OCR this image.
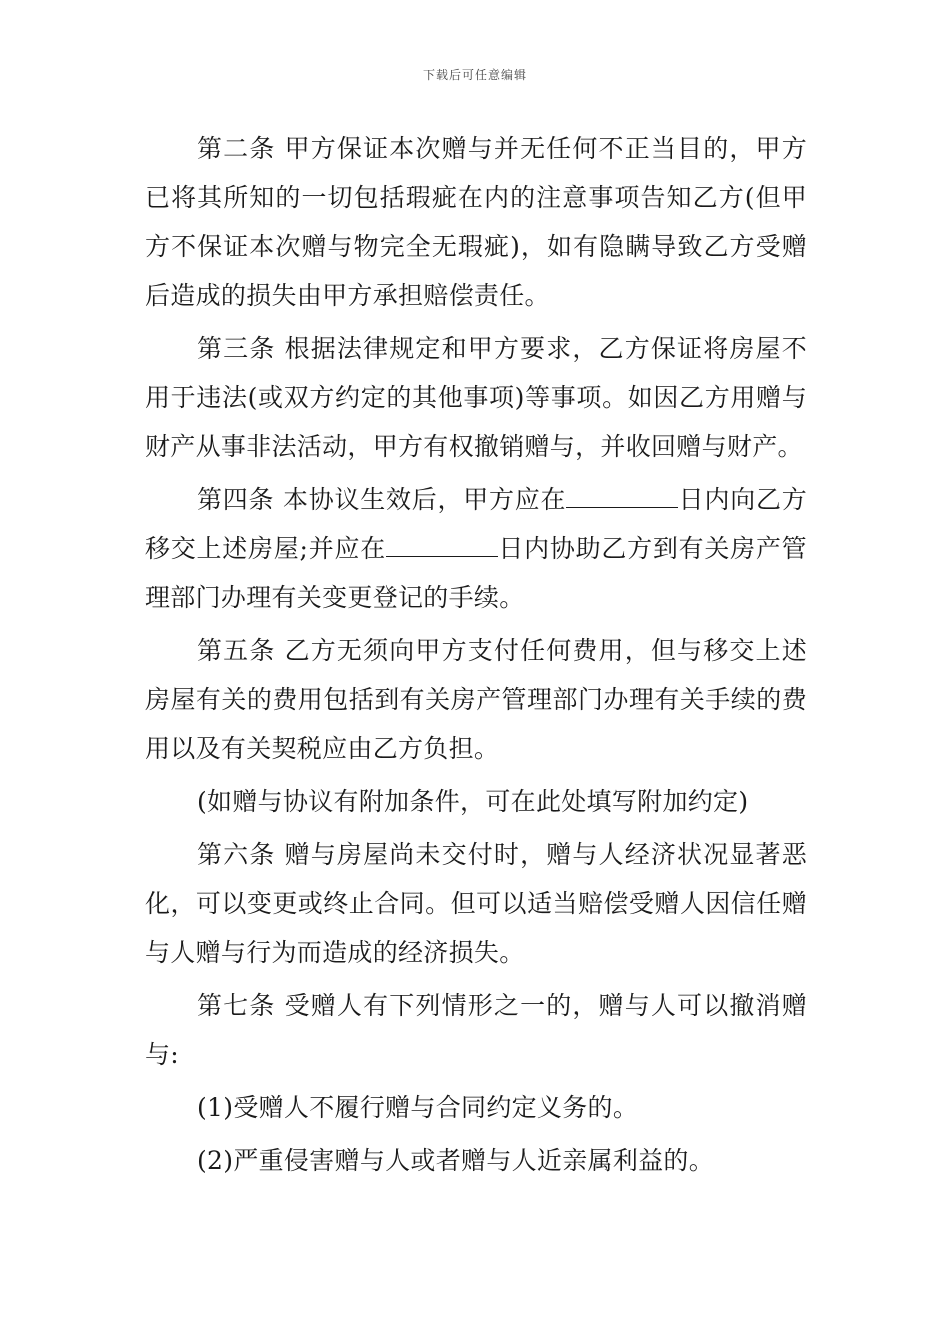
下载后可任意编辑

第二条 甲方保证本次赠与并无任何不正当目的，甲方已将其所知的一切包括瑕疵在内的注意事项告知乙方(但甲方不保证本次赠与物完全无瑕疵)，如有隐瞒导致乙方受赠后造成的损失由甲方承担赔偿责任。

第三条 根据法律规定和甲方要求，乙方保证将房屋不用于违法(或双方约定的其他事项)等事项。如因乙方用赠与财产从事非法活动，甲方有权撤销赠与，并收回赠与财产。

第四条 本协议生效后，甲方应在	日内向乙方移交上述房屋;并应在	日内协助乙方到有关房产管理部门办理有关变更登记的手续。

第五条 乙方无须向甲方支付任何费用，但与移交上述房屋有关的费用包括到有关房产管理部门办理有关手续的费用以及有关契税应由乙方负担。

(如赠与协议有附加条件，可在此处填写附加约定)

第六条 赠与房屋尚未交付时，赠与人经济状况显著恶化，可以变更或终止合同。但可以适当赔偿受赠人因信任赠与人赠与行为而造成的经济损失。

第七条 受赠人有下列情形之一的，赠与人可以撤消赠与:

(1)受赠人不履行赠与合同约定义务的。

(2)严重侵害赠与人或者赠与人近亲属利益的。
